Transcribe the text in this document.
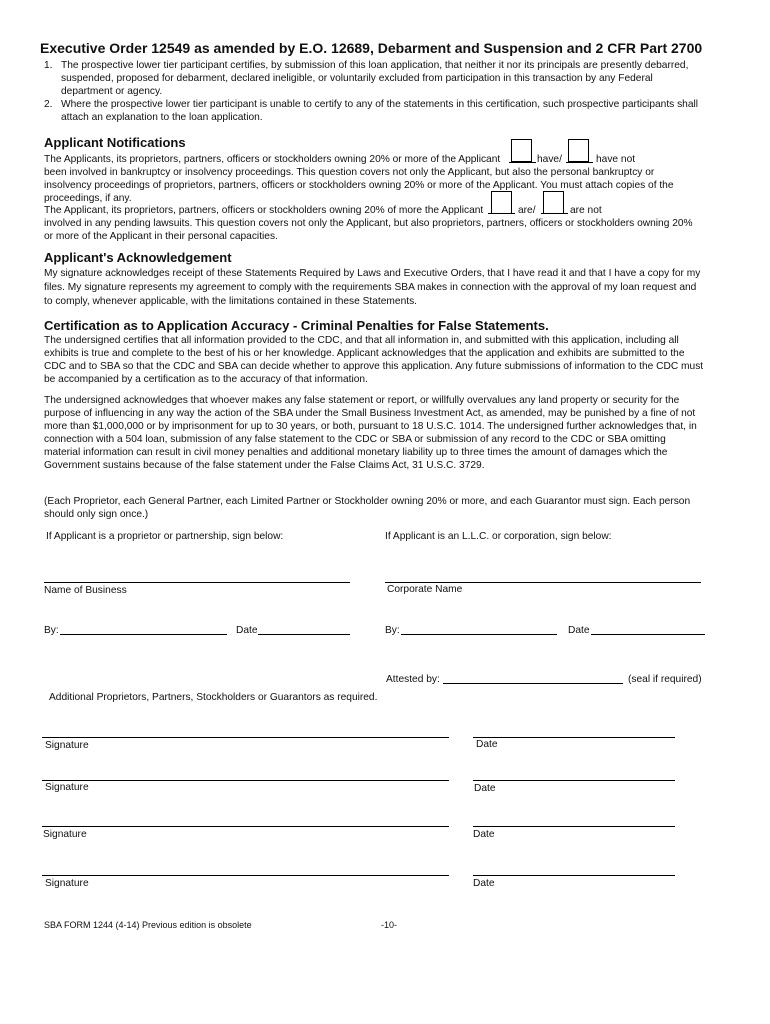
Executive Order 12549 as amended by E.O. 12689, Debarment and Suspension and 2 CFR Part 2700
1. The prospective lower tier participant certifies, by submission of this loan application, that neither it nor its principals are presently debarred, suspended, proposed for debarment, declared ineligible, or voluntarily excluded from participation in this transaction by any Federal department or agency.
2. Where the prospective lower tier participant is unable to certify to any of the statements in this certification, such prospective participants shall attach an explanation to the loan application.
Applicant Notifications
The Applicants, its proprietors, partners, officers or stockholders owning 20% or more of the Applicant	have/	have not

been involved in bankruptcy or insolvency proceedings. This question covers not only the Applicant, but also the personal bankruptcy or insolvency proceedings of proprietors, partners, officers or stockholders owning 20% or more of the Applicant. You must attach copies of the proceedings, if any.

The Applicant, its proprietors, partners, officers or stockholders owning 20% of more the Applicant	are/	are not

involved in any pending lawsuits. This question covers not only the Applicant, but also proprietors, partners, officers or stockholders owning 20% or more of the Applicant in their personal capacities.

Applicant's Acknowledgement

My signature acknowledges receipt of these Statements Required by Laws and Executive Orders, that I have read it and that I have a copy for my files. My signature represents my agreement to comply with the requirements SBA makes in connection with the approval of my loan request and to comply, whenever applicable, with the limitations contained in these Statements.

Certification as to Application Accuracy - Criminal Penalties for False Statements.

The undersigned certifies that all information provided to the CDC, and that all information in, and submitted with this application, including all exhibits is true and complete to the best of his or her knowledge. Applicant acknowledges that the application and exhibits are submitted to the CDC and to SBA so that the CDC and SBA can decide whether to approve this application. Any future submissions of information to the CDC must be accompanied by a certification as to the accuracy of that information.

The undersigned acknowledges that whoever makes any false statement or report, or willfully overvalues any land property or security for the purpose of influencing in any way the action of the SBA under the Small Business Investment Act, as amended, may be punished by a fine of not more than $1,000,000 or by imprisonment for up to 30 years, or both, pursuant to 18 U.S.C. 1014. The undersigned further acknowledges that, in connection with a 504 loan, submission of any false statement to the CDC or SBA or submission of any record to the CDC or SBA omitting material information can result in civil money penalties and additional monetary liability up to three times the amount of damages which the Government sustains because of the false statement under the False Claims Act, 31 U.S.C. 3729.

(Each Proprietor, each General Partner, each Limited Partner or Stockholder owning 20% or more, and each Guarantor must sign. Each person should only sign once.)

If Applicant is a proprietor or partnership, sign below:	If Applicant is an L.L.C. or corporation, sign below:
Name of Business	Corporate Name
By:	Date	By:	Date
Attested by:	(seal if required)
Additional Proprietors, Partners, Stockholders or Guarantors as required.
Signature	Date
Signature	Date
Signature	Date
Signature	Date
SBA FORM 1244 (4-14) Previous edition is obsolete	-10-
